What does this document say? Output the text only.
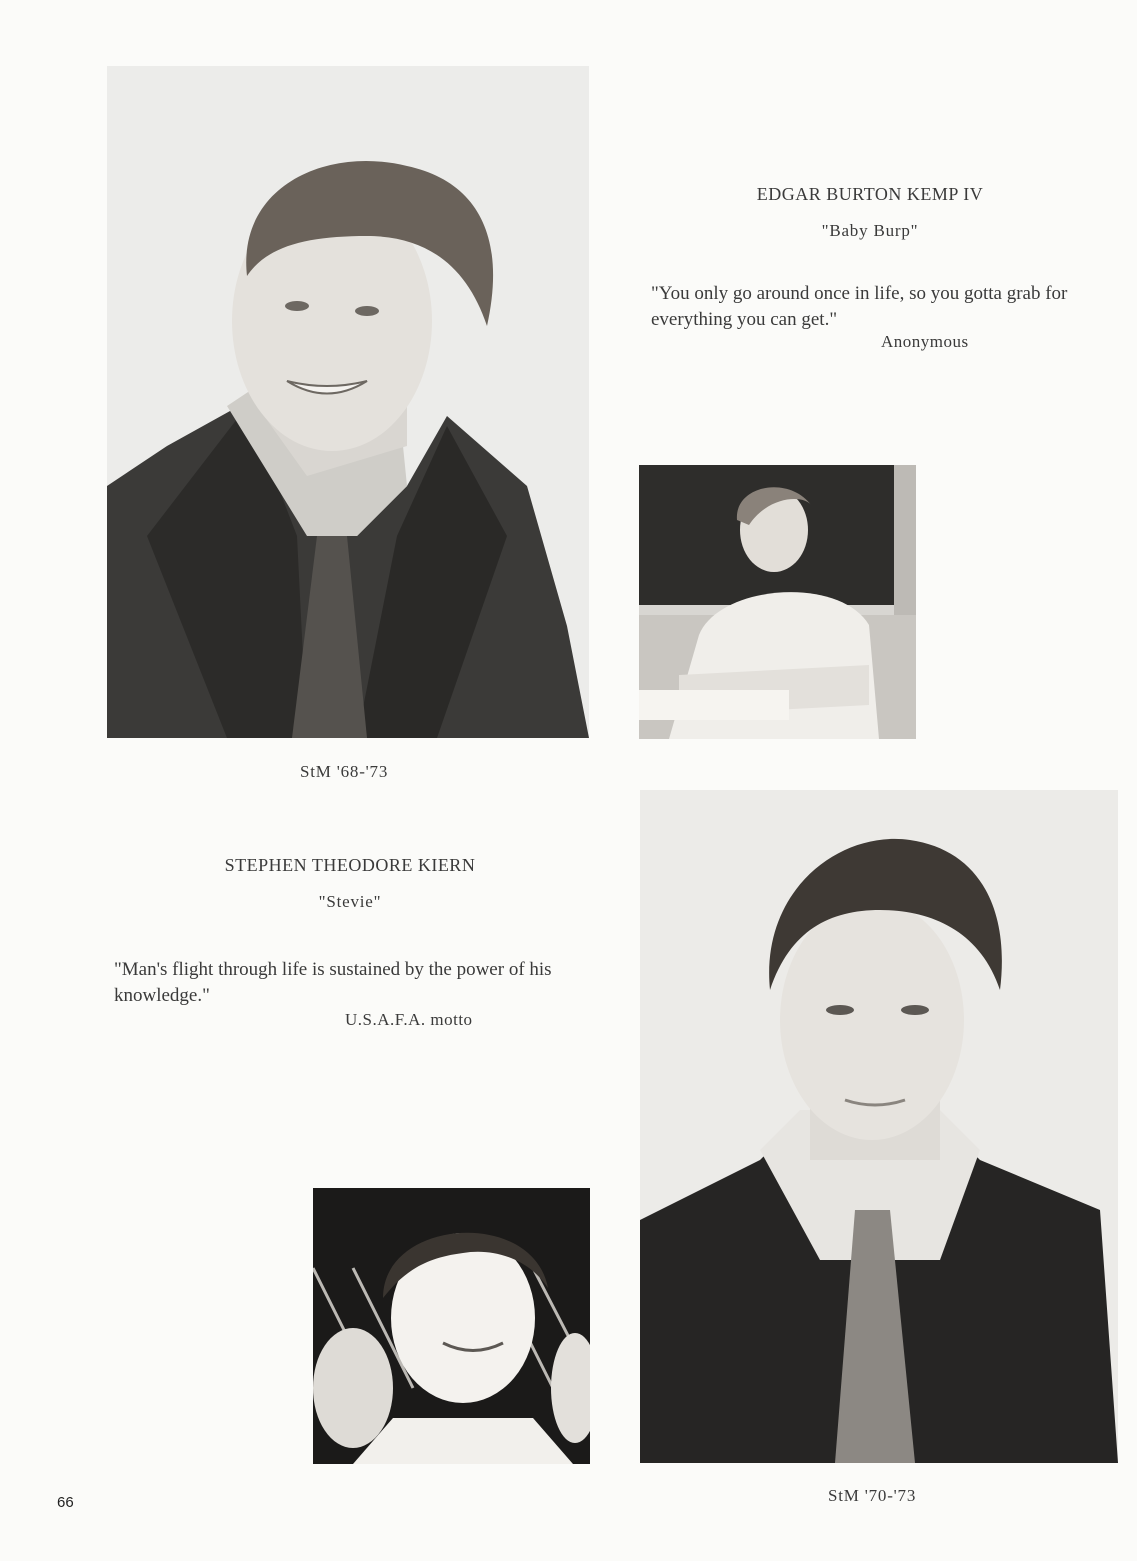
EDGAR BURTON KEMP IV
"Baby Burp"
"You only go around once in life, so you gotta grab for everything you can get."
Anonymous
StM '68-'73
STEPHEN THEODORE KIERN
"Stevie"
"Man's flight through life is sustained by the power of his knowledge."
U.S.A.F.A. motto
StM '70-'73
66
